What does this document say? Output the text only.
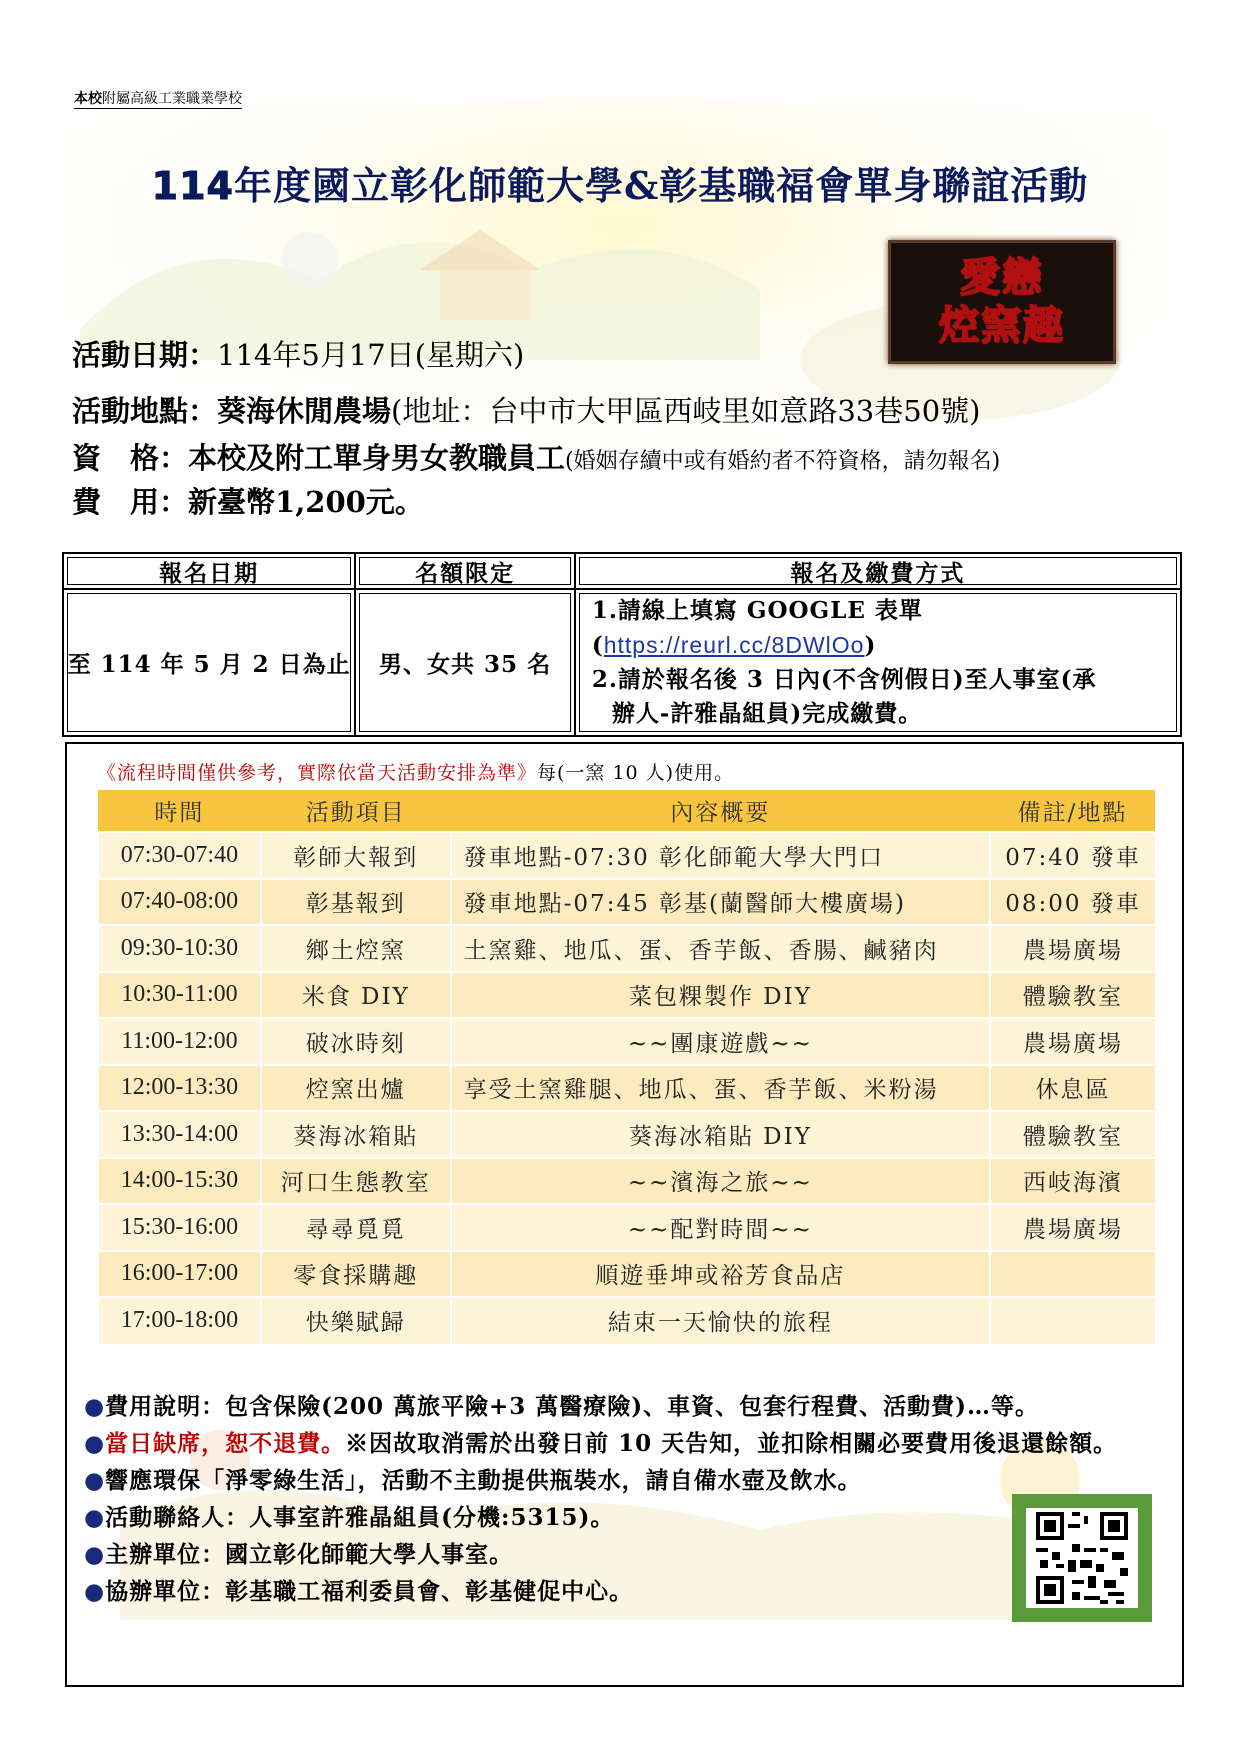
本校附屬高級工業職業學校
114年度國立彰化師範大學&彰基職福會單身聯誼活動
愛戀
焢窯趣
活動日期：114年5月17日(星期六)
活動地點：葵海休閒農場(地址：台中市大甲區西岐里如意路33巷50號)
資　格：本校及附工單身男女教職員工(婚姻存續中或有婚約者不符資格，請勿報名)
費　用：新臺幣1,200元。
報名日期	名額限定	報名及繳費方式
至 114 年 5 月 2 日為止	男、女共 35 名	1.請線上填寫 GOOGLE 表單(https://reurl.cc/8DWlOo)
2.請於報名後 3 日內(不含例假日)至人事室(承

辦人-許雅晶組員)完成繳費。
《流程時間僅供參考，實際依當天活動安排為準》每(一窯 10 人)使用。
時間	活動項目	內容概要	備註/地點
07:30-07:40	彰師大報到	發車地點-07:30 彰化師範大學大門口	07:40 發車
07:40-08:00	彰基報到	發車地點-07:45 彰基(蘭醫師大樓廣場)	08:00 發車
09:30-10:30	鄉土焢窯	土窯雞、地瓜、蛋、香芋飯、香腸、鹹豬肉	農場廣場
10:30-11:00	米食 DIY	菜包粿製作 DIY	體驗教室
11:00-12:00	破冰時刻	~~團康遊戲~~	農場廣場
12:00-13:30	焢窯出爐	享受土窯雞腿、地瓜、蛋、香芋飯、米粉湯	休息區
13:30-14:00	葵海冰箱貼	葵海冰箱貼 DIY	體驗教室
14:00-15:30	河口生態教室	~~濱海之旅~~	西岐海濱
15:30-16:00	尋尋覓覓	~~配對時間~~	農場廣場
16:00-17:00	零食採購趣	順遊垂坤或裕芳食品店	
17:00-18:00	快樂賦歸	結束一天愉快的旅程	
●費用說明：包含保險(200 萬旅平險+3 萬醫療險)、車資、包套行程費、活動費)…等。
●當日缺席，恕不退費。※因故取消需於出發日前 10 天告知，並扣除相關必要費用後退還餘額。
●響應環保「淨零綠生活」，活動不主動提供瓶裝水，請自備水壺及飲水。
●活動聯絡人：人事室許雅晶組員(分機:5315)。
●主辦單位：國立彰化師範大學人事室。
●協辦單位：彰基職工福利委員會、彰基健促中心。
